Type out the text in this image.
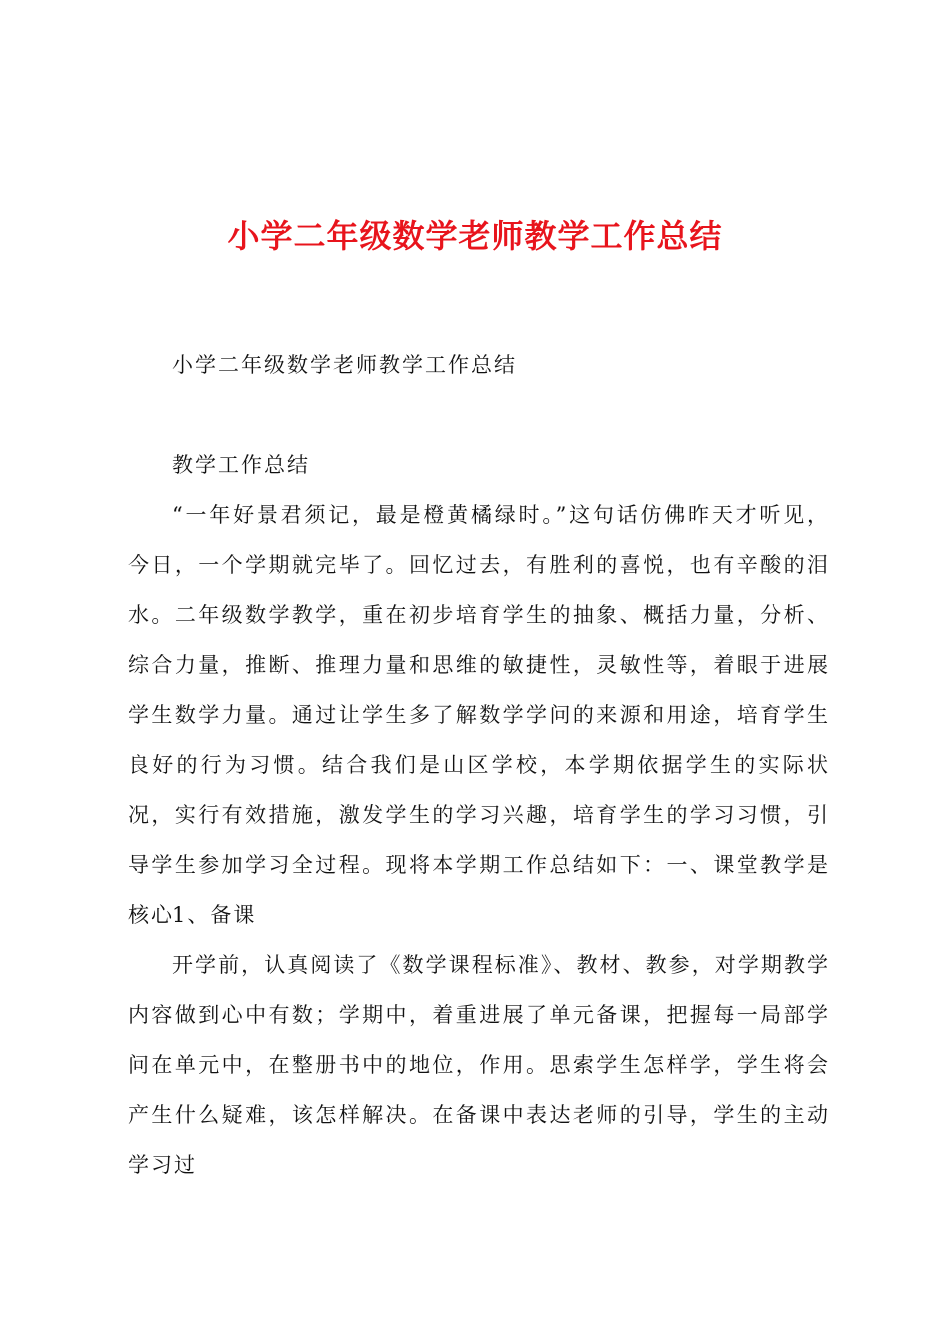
小学二年级数学老师教学工作总结
小学二年级数学老师教学工作总结
教学工作总结
“一年好景君须记，最是橙黄橘绿时。”这句话仿佛昨天才听见，今日，一个学期就完毕了。回忆过去，有胜利的喜悦，也有辛酸的泪水。二年级数学教学，重在初步培育学生的抽象、概括力量，分析、综合力量，推断、推理力量和思维的敏捷性，灵敏性等，着眼于进展学生数学力量。通过让学生多了解数学学问的来源和用途，培育学生良好的行为习惯。结合我们是山区学校，本学期依据学生的实际状况，实行有效措施，激发学生的学习兴趣，培育学生的学习习惯，引导学生参加学习全过程。现将本学期工作总结如下：一、课堂教学是核心
1、备课
开学前，认真阅读了《数学课程标准》、教材、教参，对学期教学内容做到心中有数；学期中，着重进展了单元备课，把握每一局部学问在单元中，在整册书中的地位，作用。思索学生怎样学，学生将会产生什么疑难，该怎样解决。在备课中表达老师的引导，学生的主动学习过
